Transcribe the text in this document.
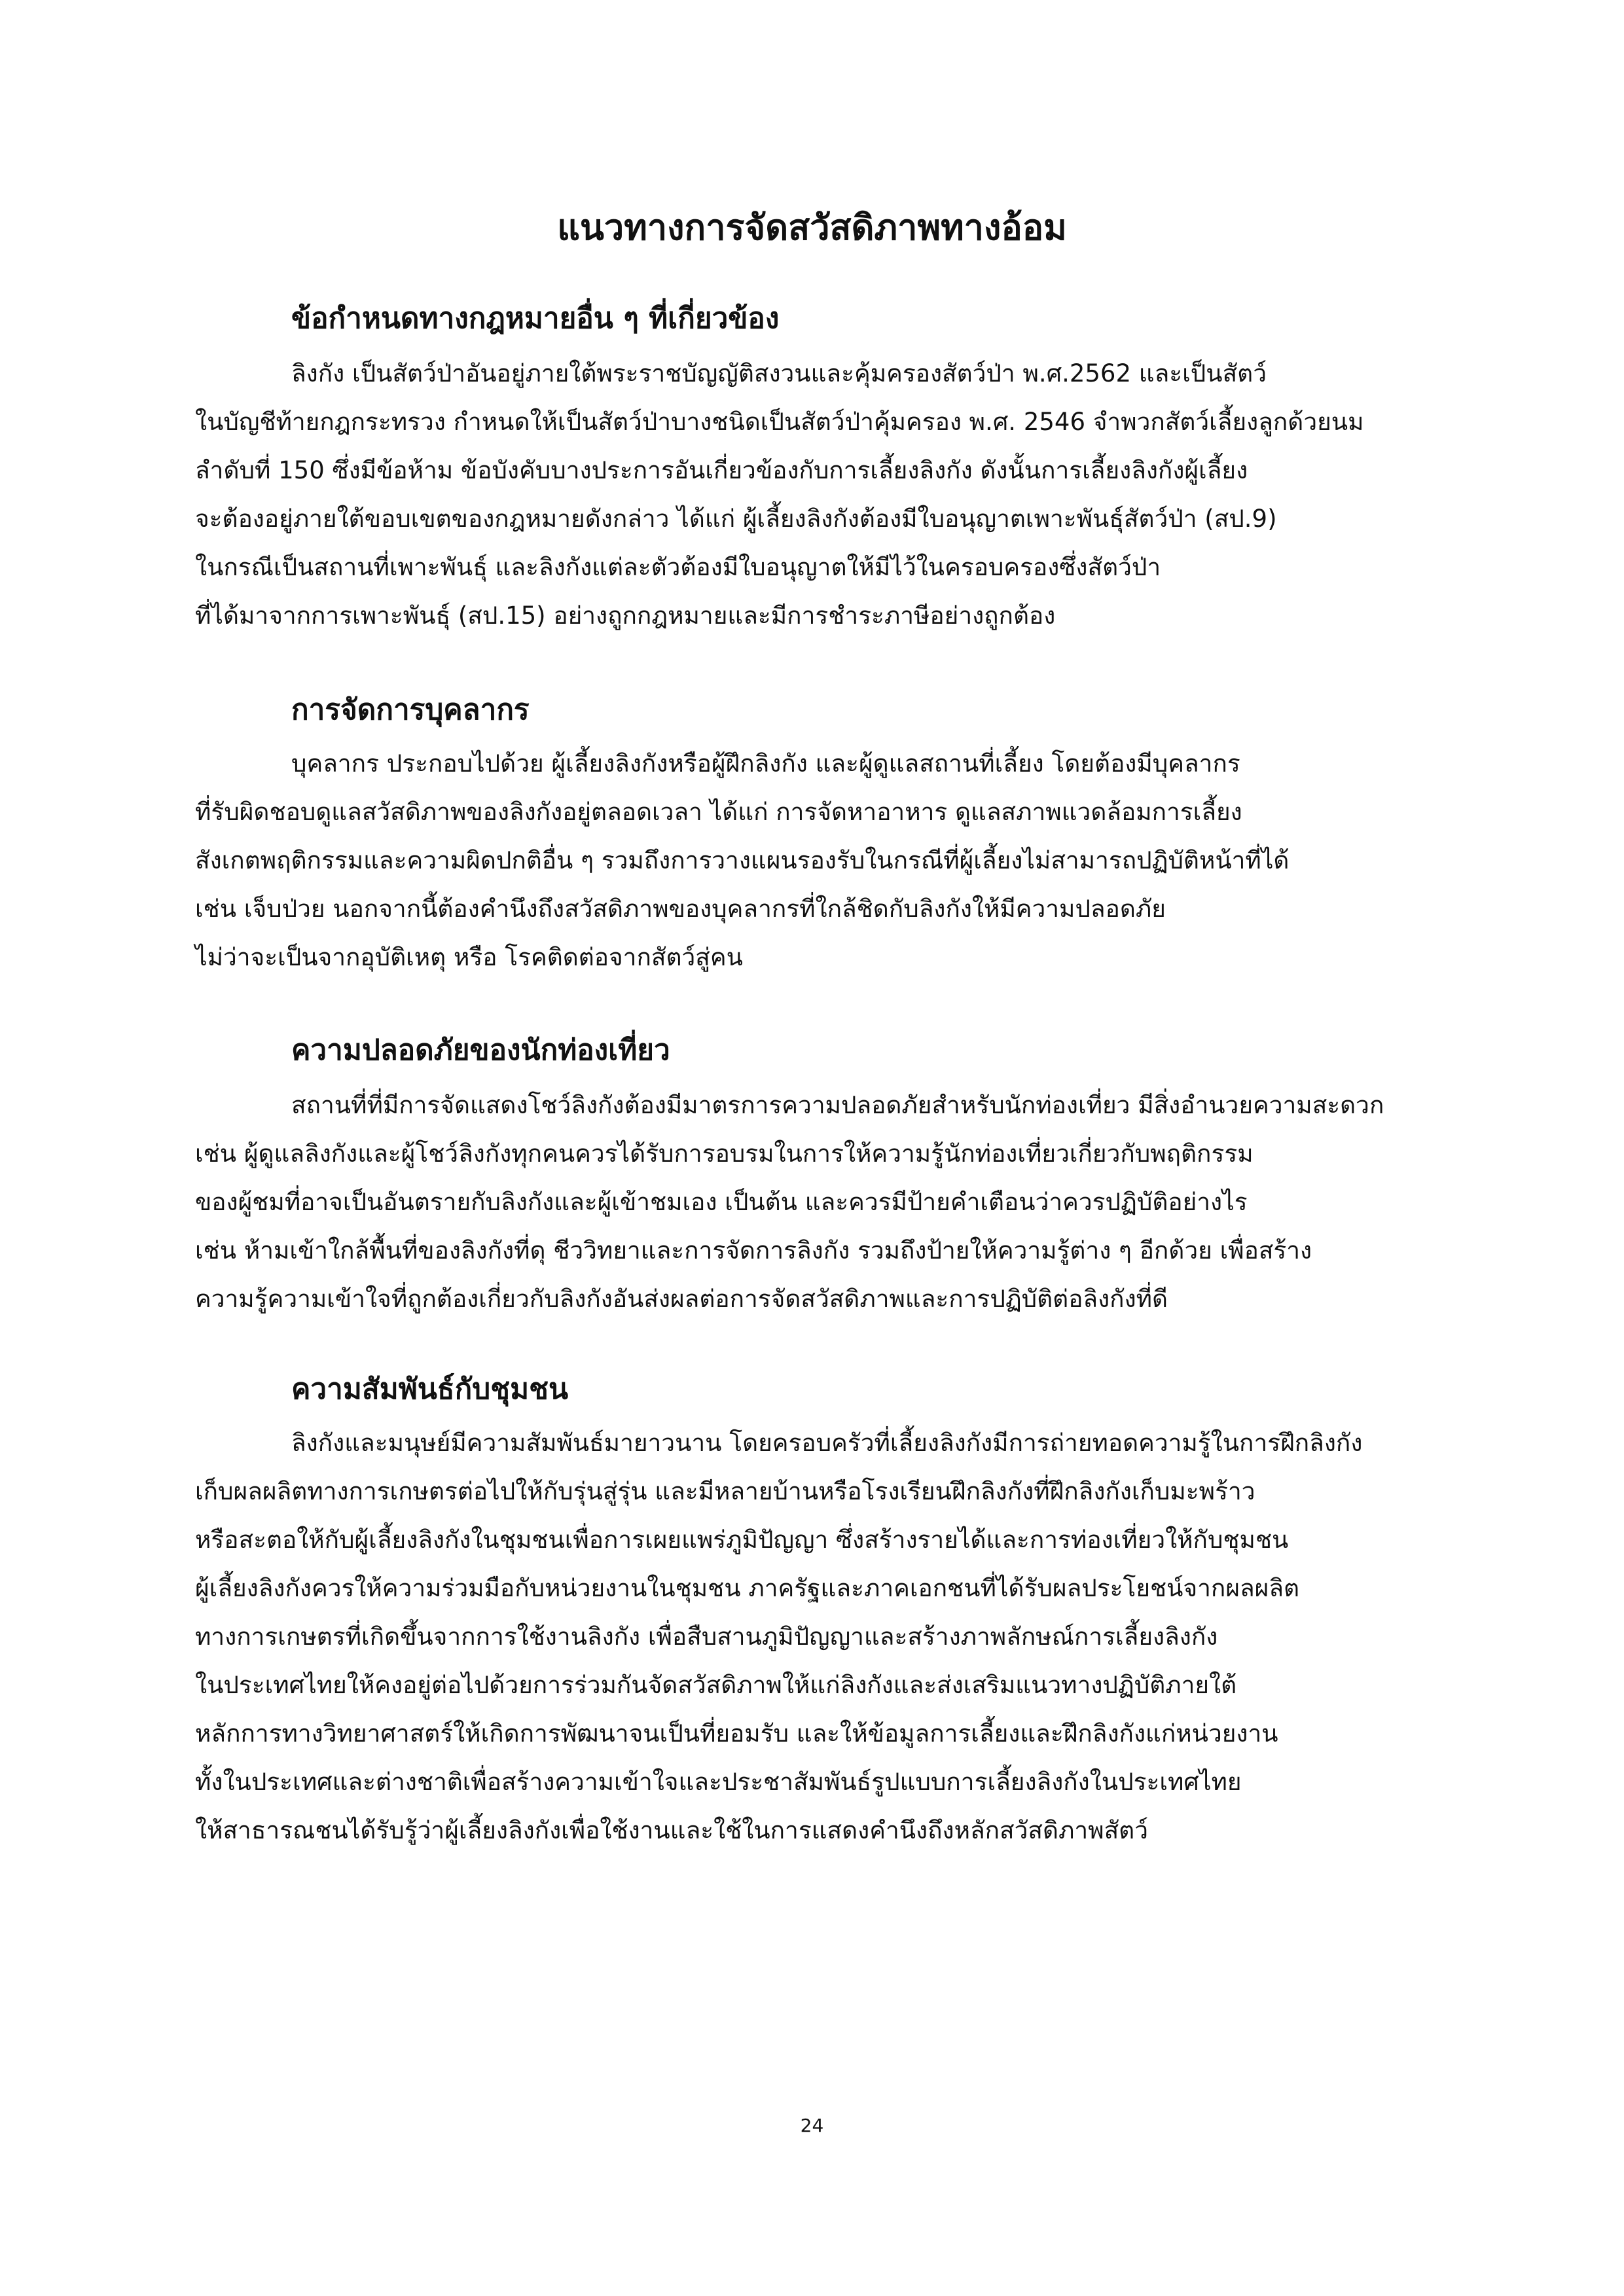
แนวทางการจัดสวัสดิภาพทางอ้อม
ข้อกำหนดทางกฎหมายอื่น ๆ ที่เกี่ยวข้อง

ลิงกัง เป็นสัตว์ป่าอันอยู่ภายใต้พระราชบัญญัติสงวนและคุ้มครองสัตว์ป่า พ.ศ.2562 และเป็นสัตว์

ในบัญชีท้ายกฎกระทรวง กำหนดให้เป็นสัตว์ป่าบางชนิดเป็นสัตว์ป่าคุ้มครอง พ.ศ. 2546 จำพวกสัตว์เลี้ยงลูกด้วยนม

ลำดับที่ 150 ซึ่งมีข้อห้าม ข้อบังคับบางประการอันเกี่ยวข้องกับการเลี้ยงลิงกัง ดังนั้นการเลี้ยงลิงกังผู้เลี้ยง

จะต้องอยู่ภายใต้ขอบเขตของกฎหมายดังกล่าว ได้แก่ ผู้เลี้ยงลิงกังต้องมีใบอนุญาตเพาะพันธุ์สัตว์ป่า (สป.9)

ในกรณีเป็นสถานที่เพาะพันธุ์ และลิงกังแต่ละตัวต้องมีใบอนุญาตให้มีไว้ในครอบครองซึ่งสัตว์ป่า

ที่ได้มาจากการเพาะพันธุ์ (สป.15) อย่างถูกกฎหมายและมีการชำระภาษีอย่างถูกต้อง

การจัดการบุคลากร

บุคลากร ประกอบไปด้วย ผู้เลี้ยงลิงกังหรือผู้ฝึกลิงกัง และผู้ดูแลสถานที่เลี้ยง โดยต้องมีบุคลากร

ที่รับผิดชอบดูแลสวัสดิภาพของลิงกังอยู่ตลอดเวลา ได้แก่ การจัดหาอาหาร ดูแลสภาพแวดล้อมการเลี้ยง

สังเกตพฤติกรรมและความผิดปกติอื่น ๆ รวมถึงการวางแผนรองรับในกรณีที่ผู้เลี้ยงไม่สามารถปฏิบัติหน้าที่ได้

เช่น เจ็บป่วย นอกจากนี้ต้องคำนึงถึงสวัสดิภาพของบุคลากรที่ใกล้ชิดกับลิงกังให้มีความปลอดภัย

ไม่ว่าจะเป็นจากอุบัติเหตุ หรือ โรคติดต่อจากสัตว์สู่คน

ความปลอดภัยของนักท่องเที่ยว

สถานที่ที่มีการจัดแสดงโชว์ลิงกังต้องมีมาตรการความปลอดภัยสำหรับนักท่องเที่ยว มีสิ่งอำนวยความสะดวก

เช่น ผู้ดูแลลิงกังและผู้โชว์ลิงกังทุกคนควรได้รับการอบรมในการให้ความรู้นักท่องเที่ยวเกี่ยวกับพฤติกรรม

ของผู้ชมที่อาจเป็นอันตรายกับลิงกังและผู้เข้าชมเอง เป็นต้น และควรมีป้ายคำเตือนว่าควรปฏิบัติอย่างไร

เช่น ห้ามเข้าใกล้พื้นที่ของลิงกังที่ดุ ชีววิทยาและการจัดการลิงกัง รวมถึงป้ายให้ความรู้ต่าง ๆ อีกด้วย เพื่อสร้าง

ความรู้ความเข้าใจที่ถูกต้องเกี่ยวกับลิงกังอันส่งผลต่อการจัดสวัสดิภาพและการปฏิบัติต่อลิงกังที่ดี

ความสัมพันธ์กับชุมชน

ลิงกังและมนุษย์มีความสัมพันธ์มายาวนาน โดยครอบครัวที่เลี้ยงลิงกังมีการถ่ายทอดความรู้ในการฝึกลิงกัง

เก็บผลผลิตทางการเกษตรต่อไปให้กับรุ่นสู่รุ่น และมีหลายบ้านหรือโรงเรียนฝึกลิงกังที่ฝึกลิงกังเก็บมะพร้าว

หรือสะตอให้กับผู้เลี้ยงลิงกังในชุมชนเพื่อการเผยแพร่ภูมิปัญญา ซึ่งสร้างรายได้และการท่องเที่ยวให้กับชุมชน

ผู้เลี้ยงลิงกังควรให้ความร่วมมือกับหน่วยงานในชุมชน ภาครัฐและภาคเอกชนที่ได้รับผลประโยชน์จากผลผลิต

ทางการเกษตรที่เกิดขึ้นจากการใช้งานลิงกัง เพื่อสืบสานภูมิปัญญาและสร้างภาพลักษณ์การเลี้ยงลิงกัง

ในประเทศไทยให้คงอยู่ต่อไปด้วยการร่วมกันจัดสวัสดิภาพให้แก่ลิงกังและส่งเสริมแนวทางปฏิบัติภายใต้

หลักการทางวิทยาศาสตร์ให้เกิดการพัฒนาจนเป็นที่ยอมรับ และให้ข้อมูลการเลี้ยงและฝึกลิงกังแก่หน่วยงาน

ทั้งในประเทศและต่างชาติเพื่อสร้างความเข้าใจและประชาสัมพันธ์รูปแบบการเลี้ยงลิงกังในประเทศไทย

ให้สาธารณชนได้รับรู้ว่าผู้เลี้ยงลิงกังเพื่อใช้งานและใช้ในการแสดงคำนึงถึงหลักสวัสดิภาพสัตว์

24
